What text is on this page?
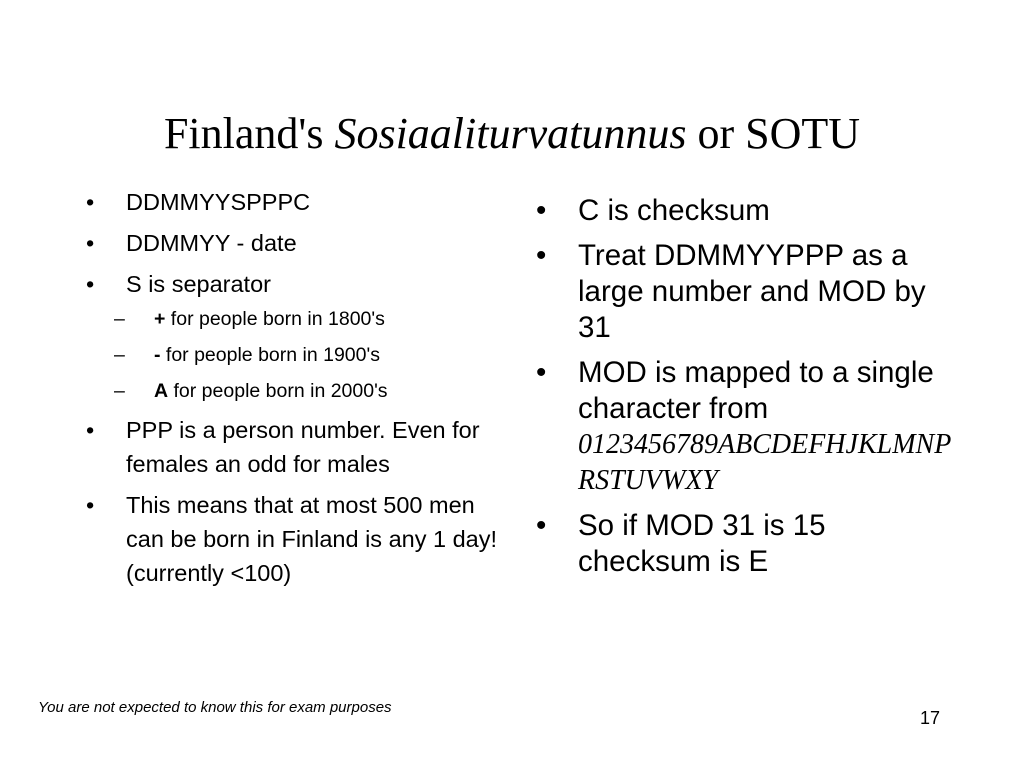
Finland's Sosiaaliturvatunnus or SOTU
• DDMMYYSPPPC
• DDMMYY - date
• S is separator
– + for people born in 1800's
– - for people born in 1900's
– A for people born in 2000's
• PPP is a person number. Even for females an odd for males
• This means that at most 500 men can be born in Finland is any 1 day! (currently <100)
• C is checksum
• Treat DDMMYYPPP as a large number and MOD by 31
• MOD is mapped to a single character from 0123456789ABCDEFHJKLMNPRSTUVWXY
• So if MOD 31 is 15 checksum is E
You are not expected to know this for exam purposes
17
